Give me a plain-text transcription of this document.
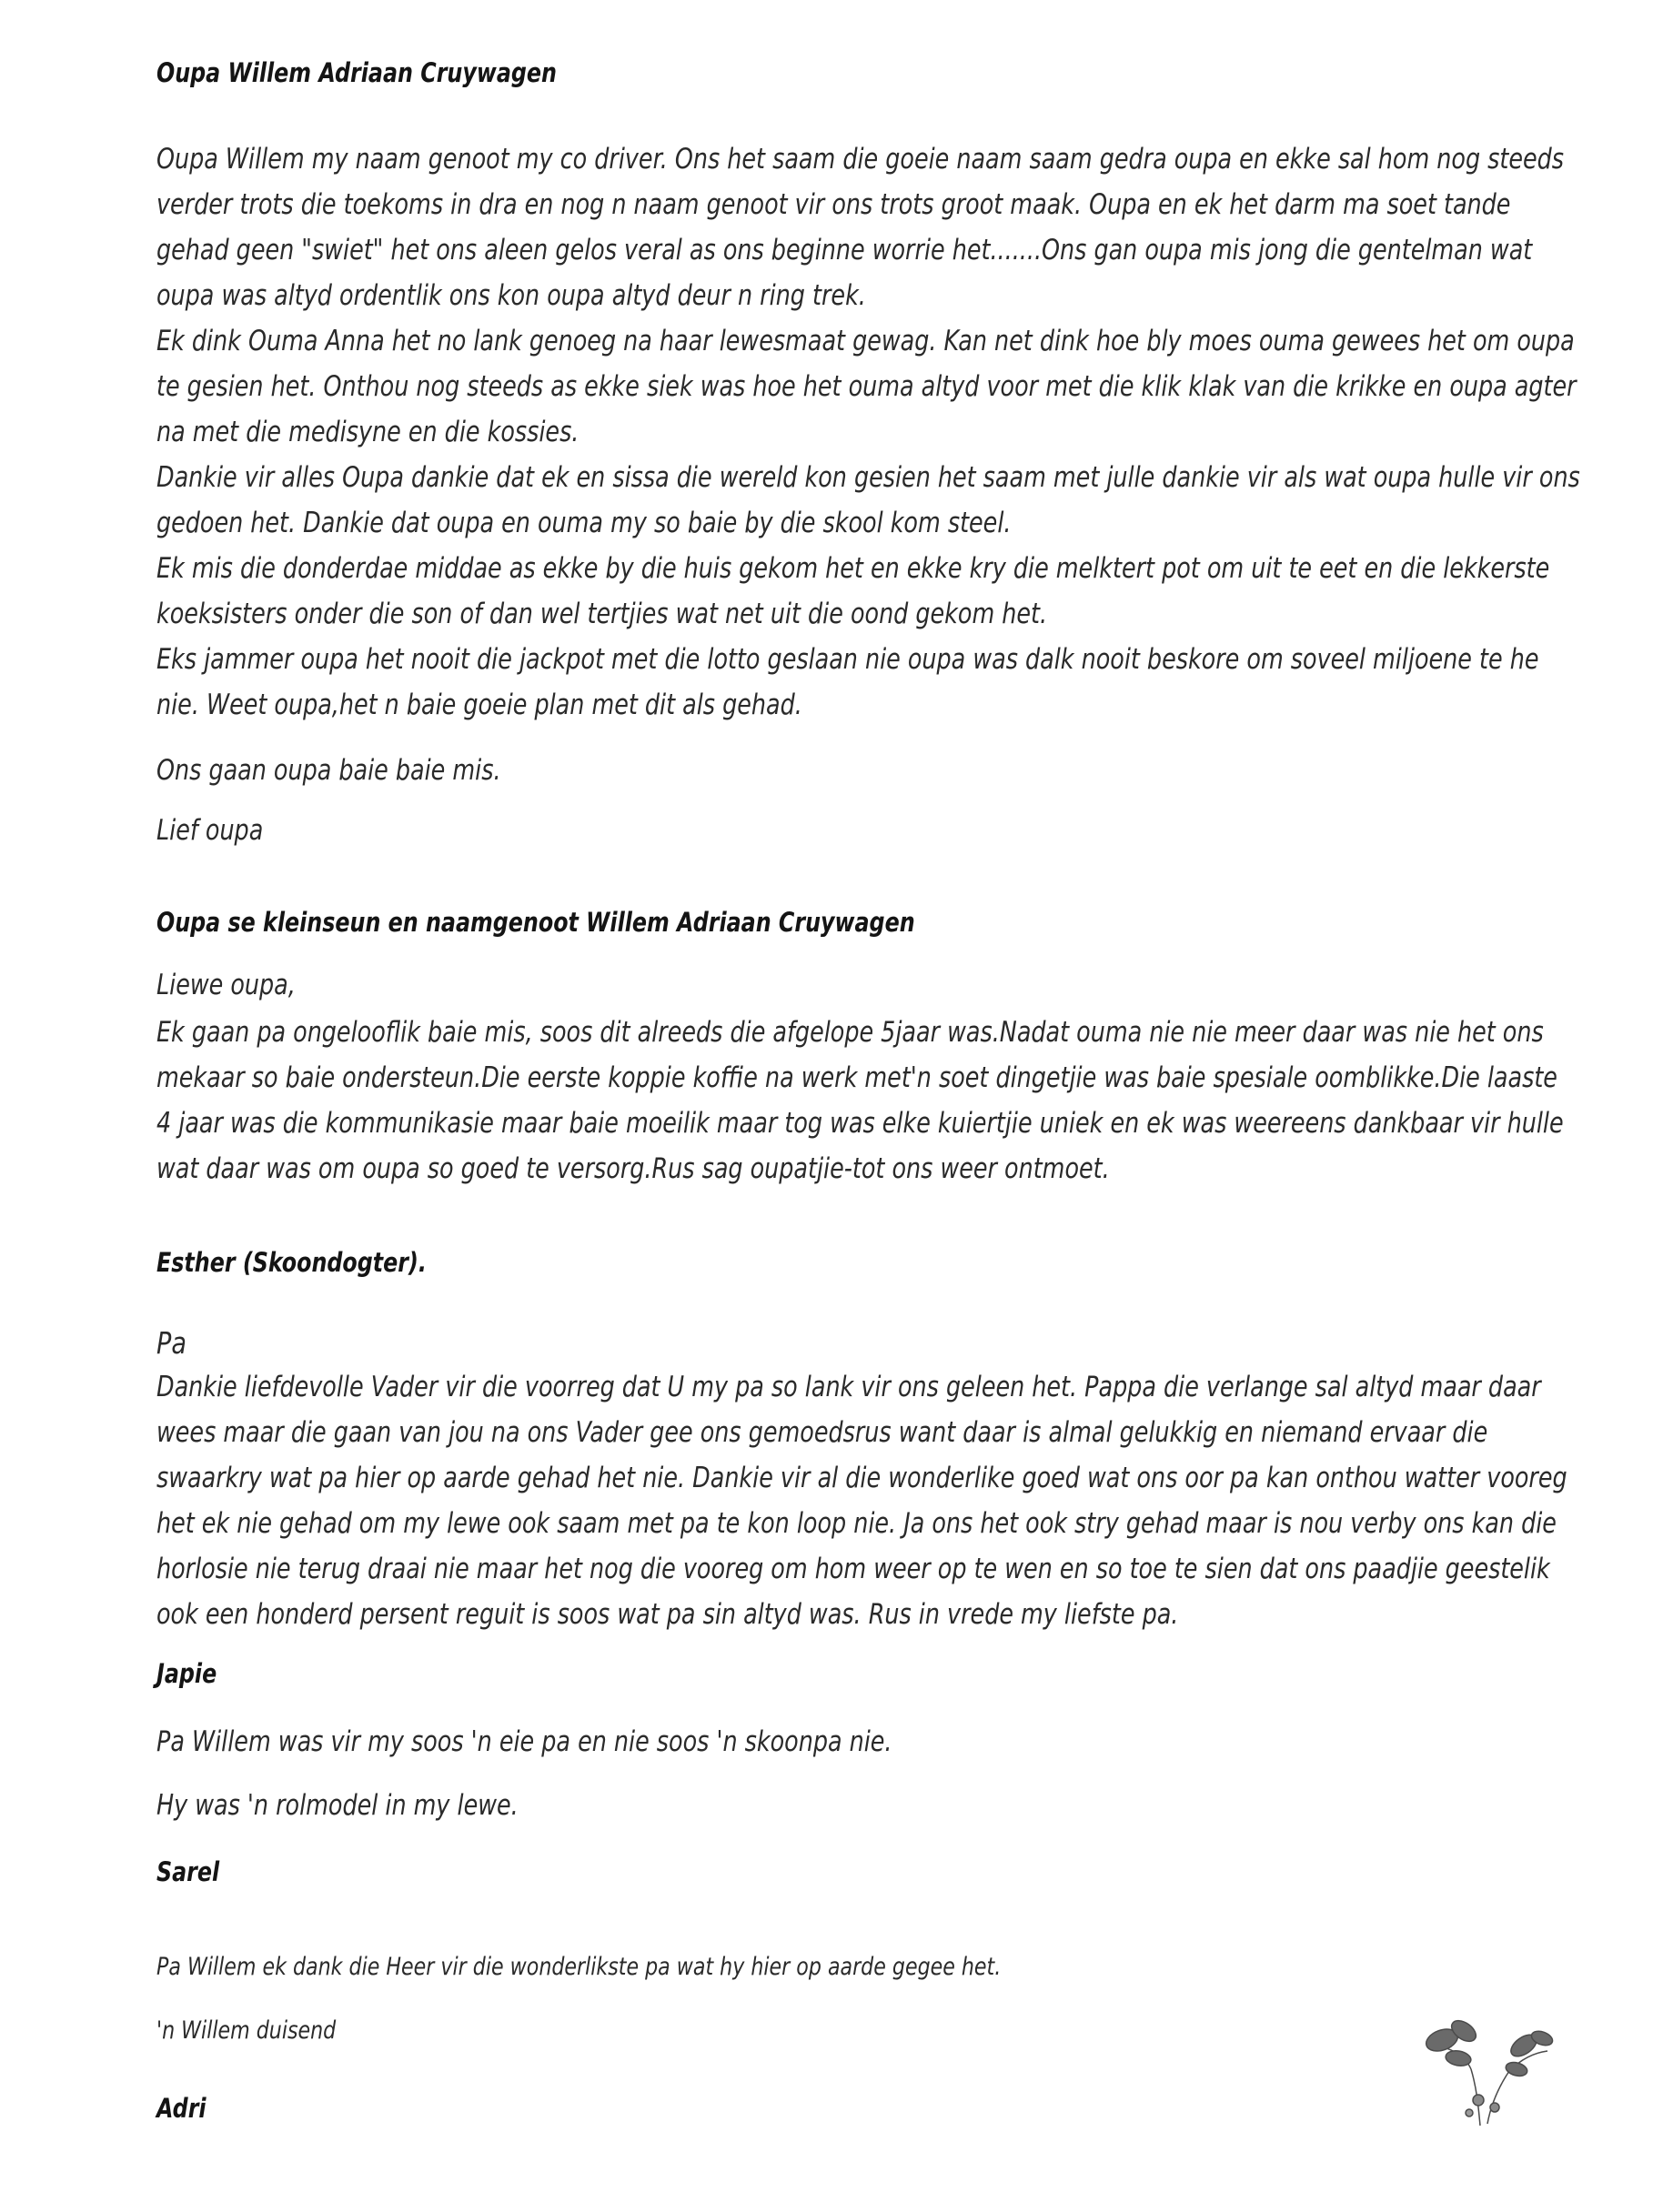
Oupa Willem Adriaan Cruywagen
Oupa Willem my naam genoot my co driver. Ons het saam die goeie naam saam gedra oupa en ekke sal hom nog steeds
verder trots die toekoms in dra en nog n naam genoot vir ons trots groot maak. Oupa en ek het darm ma soet tande
gehad geen "swiet" het ons aleen gelos veral as ons beginne worrie het.......Ons gan oupa mis jong die gentelman wat
oupa was altyd ordentlik ons kon oupa altyd deur n ring trek.
Ek dink Ouma Anna het no lank genoeg na haar lewesmaat gewag. Kan net dink hoe bly moes ouma gewees het om oupa
te gesien het. Onthou nog steeds as ekke siek was hoe het ouma altyd voor met die klik klak van die krikke en oupa agter
na met die medisyne en die kossies.
Dankie vir alles Oupa dankie dat ek en sissa die wereld kon gesien het saam met julle dankie vir als wat oupa hulle vir ons
gedoen het. Dankie dat oupa en ouma my so baie by die skool kom steel.
Ek mis die donderdae middae as ekke by die huis gekom het en ekke kry die melktert pot om uit te eet en die lekkerste
koeksisters onder die son of dan wel tertjies wat net uit die oond gekom het.
Eks jammer oupa het nooit die jackpot met die lotto geslaan nie oupa was dalk nooit beskore om soveel miljoene te he
nie. Weet oupa,het n baie goeie plan met dit als gehad.
Ons gaan oupa baie baie mis.
Lief oupa
Oupa se kleinseun en naamgenoot Willem Adriaan Cruywagen
Liewe oupa,
Ek gaan pa ongelooflik baie mis, soos dit alreeds die afgelope 5jaar was.Nadat ouma nie nie meer daar was nie het ons
mekaar so baie ondersteun.Die eerste koppie koffie na werk met'n soet dingetjie was baie spesiale oomblikke.Die laaste
4 jaar was die kommunikasie maar baie moeilik maar tog was elke kuiertjie uniek en ek was weereens dankbaar vir hulle
wat daar was om oupa so goed te versorg.Rus sag oupatjie-tot ons weer ontmoet.
Esther (Skoondogter).
Pa
Dankie liefdevolle Vader vir die voorreg dat U my pa so lank vir ons geleen het. Pappa die verlange sal altyd maar daar
wees maar die gaan van jou na ons Vader gee ons gemoedsrus want daar is almal gelukkig en niemand ervaar die
swaarkry wat pa hier op aarde gehad het nie. Dankie vir al die wonderlike goed wat ons oor pa kan onthou watter vooreg
het ek nie gehad om my lewe ook saam met pa te kon loop nie. Ja ons het ook stry gehad maar is nou verby ons kan die
horlosie nie terug draai nie maar het nog die vooreg om hom weer op te wen en so toe te sien dat ons paadjie geestelik
ook een honderd persent reguit is soos wat pa sin altyd was. Rus in vrede my liefste pa.
Japie
Pa Willem was vir my soos 'n eie pa en nie soos 'n skoonpa nie.
Hy was 'n rolmodel in my lewe.
Sarel
Pa Willem ek dank die Heer vir die wonderlikste pa wat hy hier op aarde gegee het.
'n Willem duisend
Adri
